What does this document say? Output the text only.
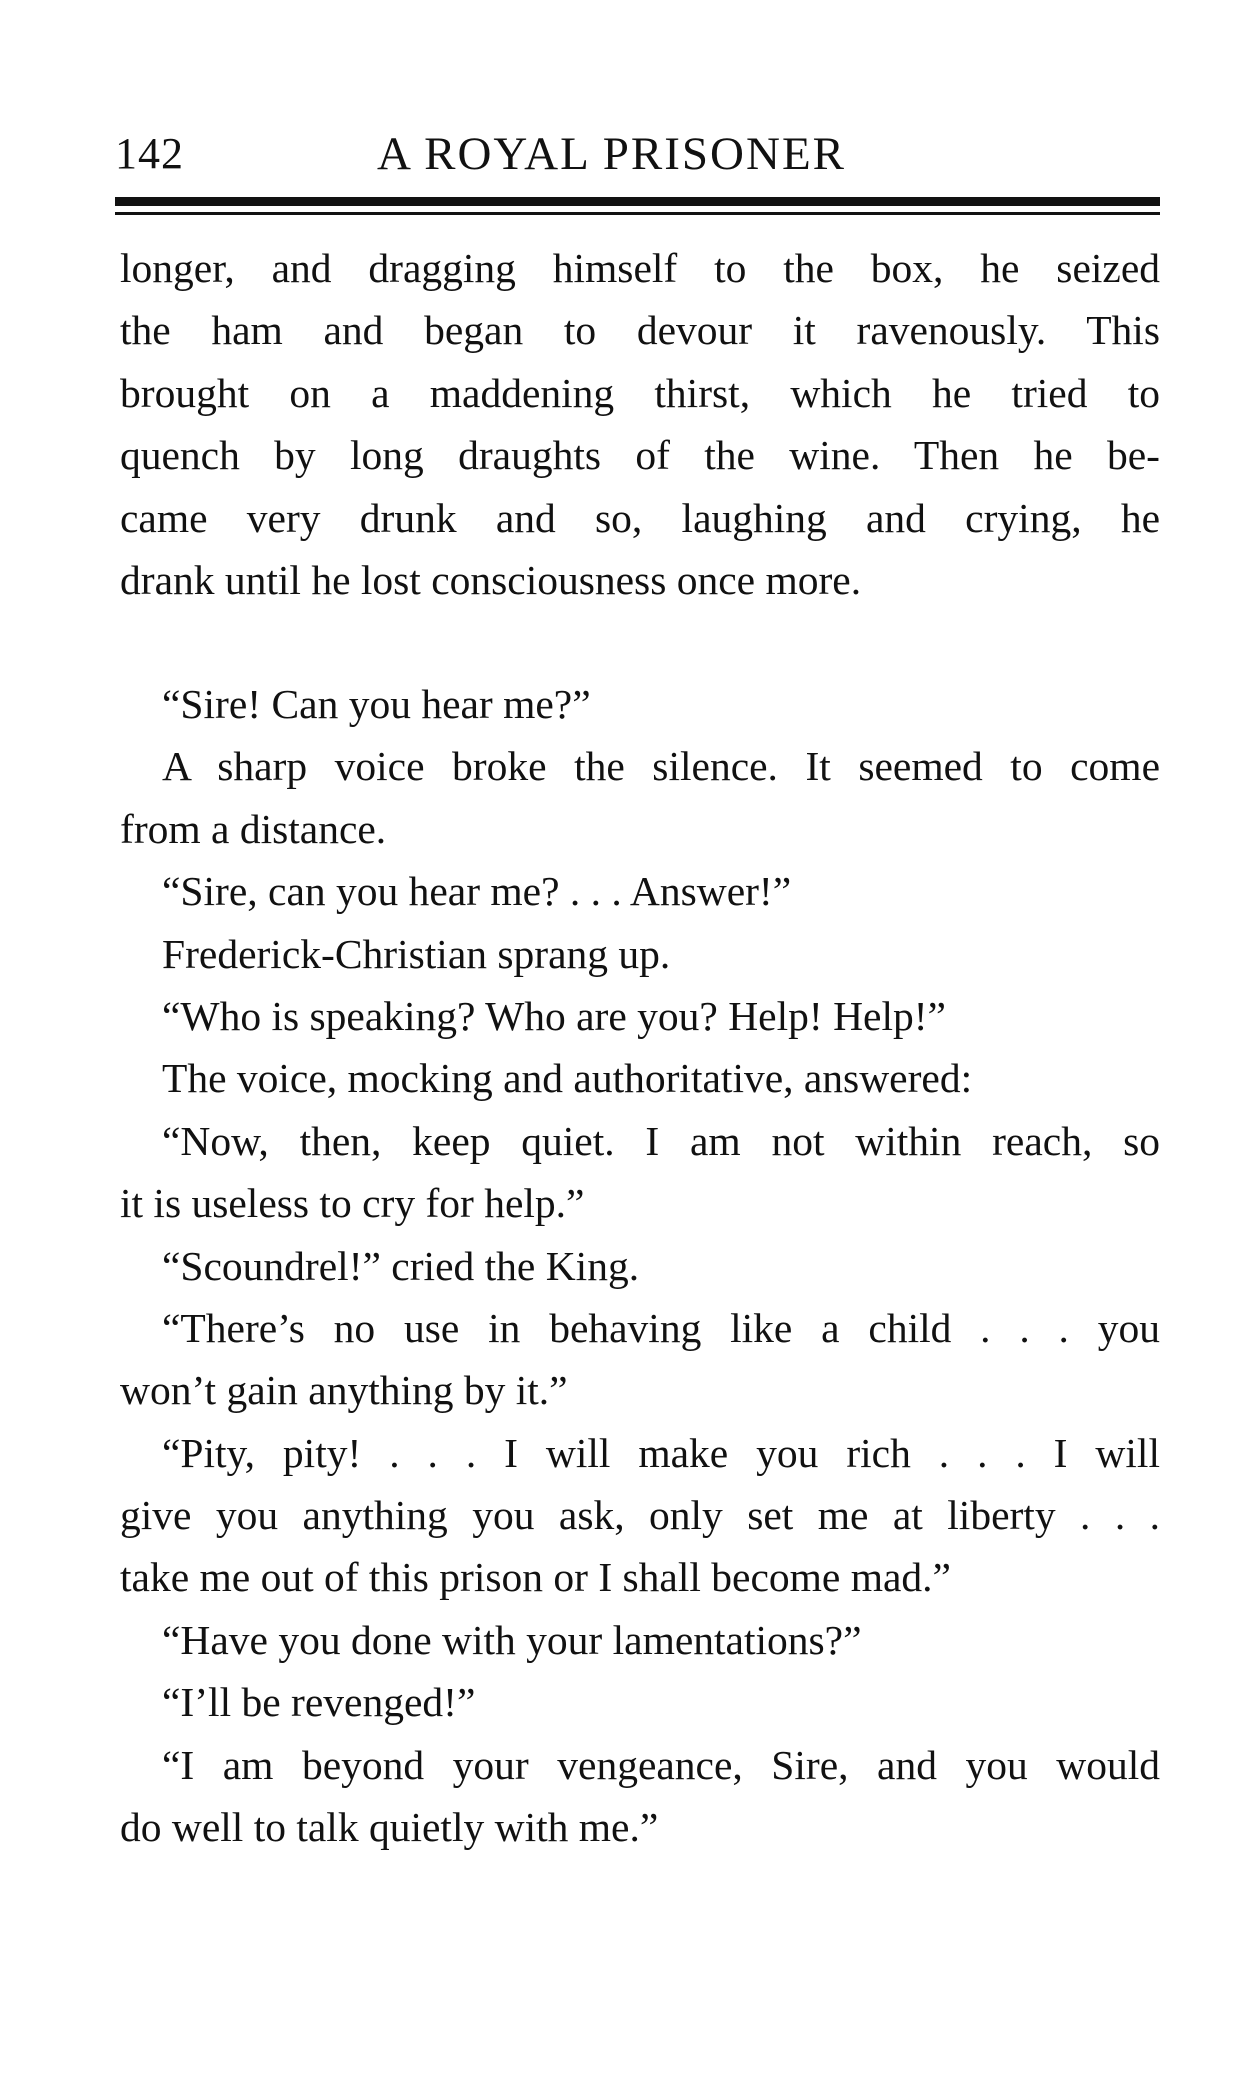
142	A ROYAL PRISONER
longer, and dragging himself to the box, he seized
the ham and began to devour it ravenously. This
brought on a maddening thirst, which he tried to
quench by long draughts of the wine. Then he be-
came very drunk and so, laughing and crying, he
drank until he lost consciousness once more.
“Sire! Can you hear me?”
A sharp voice broke the silence. It seemed to come
from a distance.
“Sire, can you hear me? . . . Answer!”
Frederick-Christian sprang up.
“Who is speaking? Who are you? Help! Help!”
The voice, mocking and authoritative, answered:
“Now, then, keep quiet. I am not within reach, so
it is useless to cry for help.”
“Scoundrel!” cried the King.
“There’s no use in behaving like a child . . . you
won’t gain anything by it.”
“Pity, pity! . . . I will make you rich . . . I will
give you anything you ask, only set me at liberty . . .
take me out of this prison or I shall become mad.”
“Have you done with your lamentations?”
“I’ll be revenged!”
“I am beyond your vengeance, Sire, and you would
do well to talk quietly with me.”
